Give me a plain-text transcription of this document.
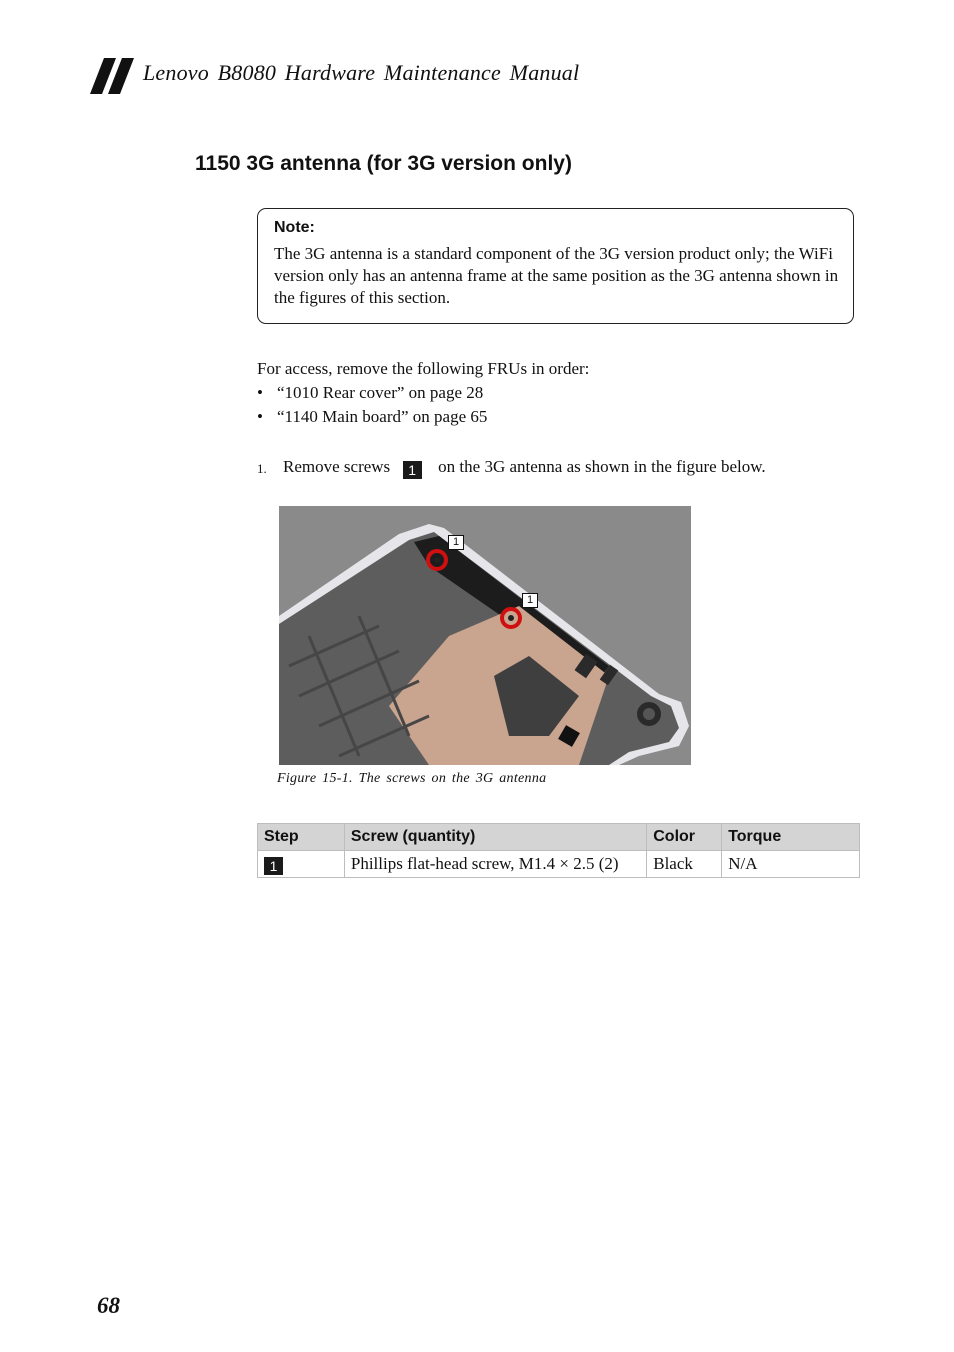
Lenovo B8080 Hardware Maintenance Manual
1150 3G antenna (for 3G version only)
Note:
The 3G antenna is a standard component of the 3G version product only; the WiFi version only has an antenna frame at the same position as the 3G antenna shown in the figures of this section.
For access, remove the following FRUs in order:
• “1010 Rear cover” on page 28
• “1140 Main board” on page 65
1. Remove screws 1 on the 3G antenna as shown in the figure below.
1
1
Figure 15-1. The screws on the 3G antenna
Step	Screw (quantity)	Color	Torque
1	Phillips flat-head screw, M1.4 × 2.5 (2)	Black	N/A
68
